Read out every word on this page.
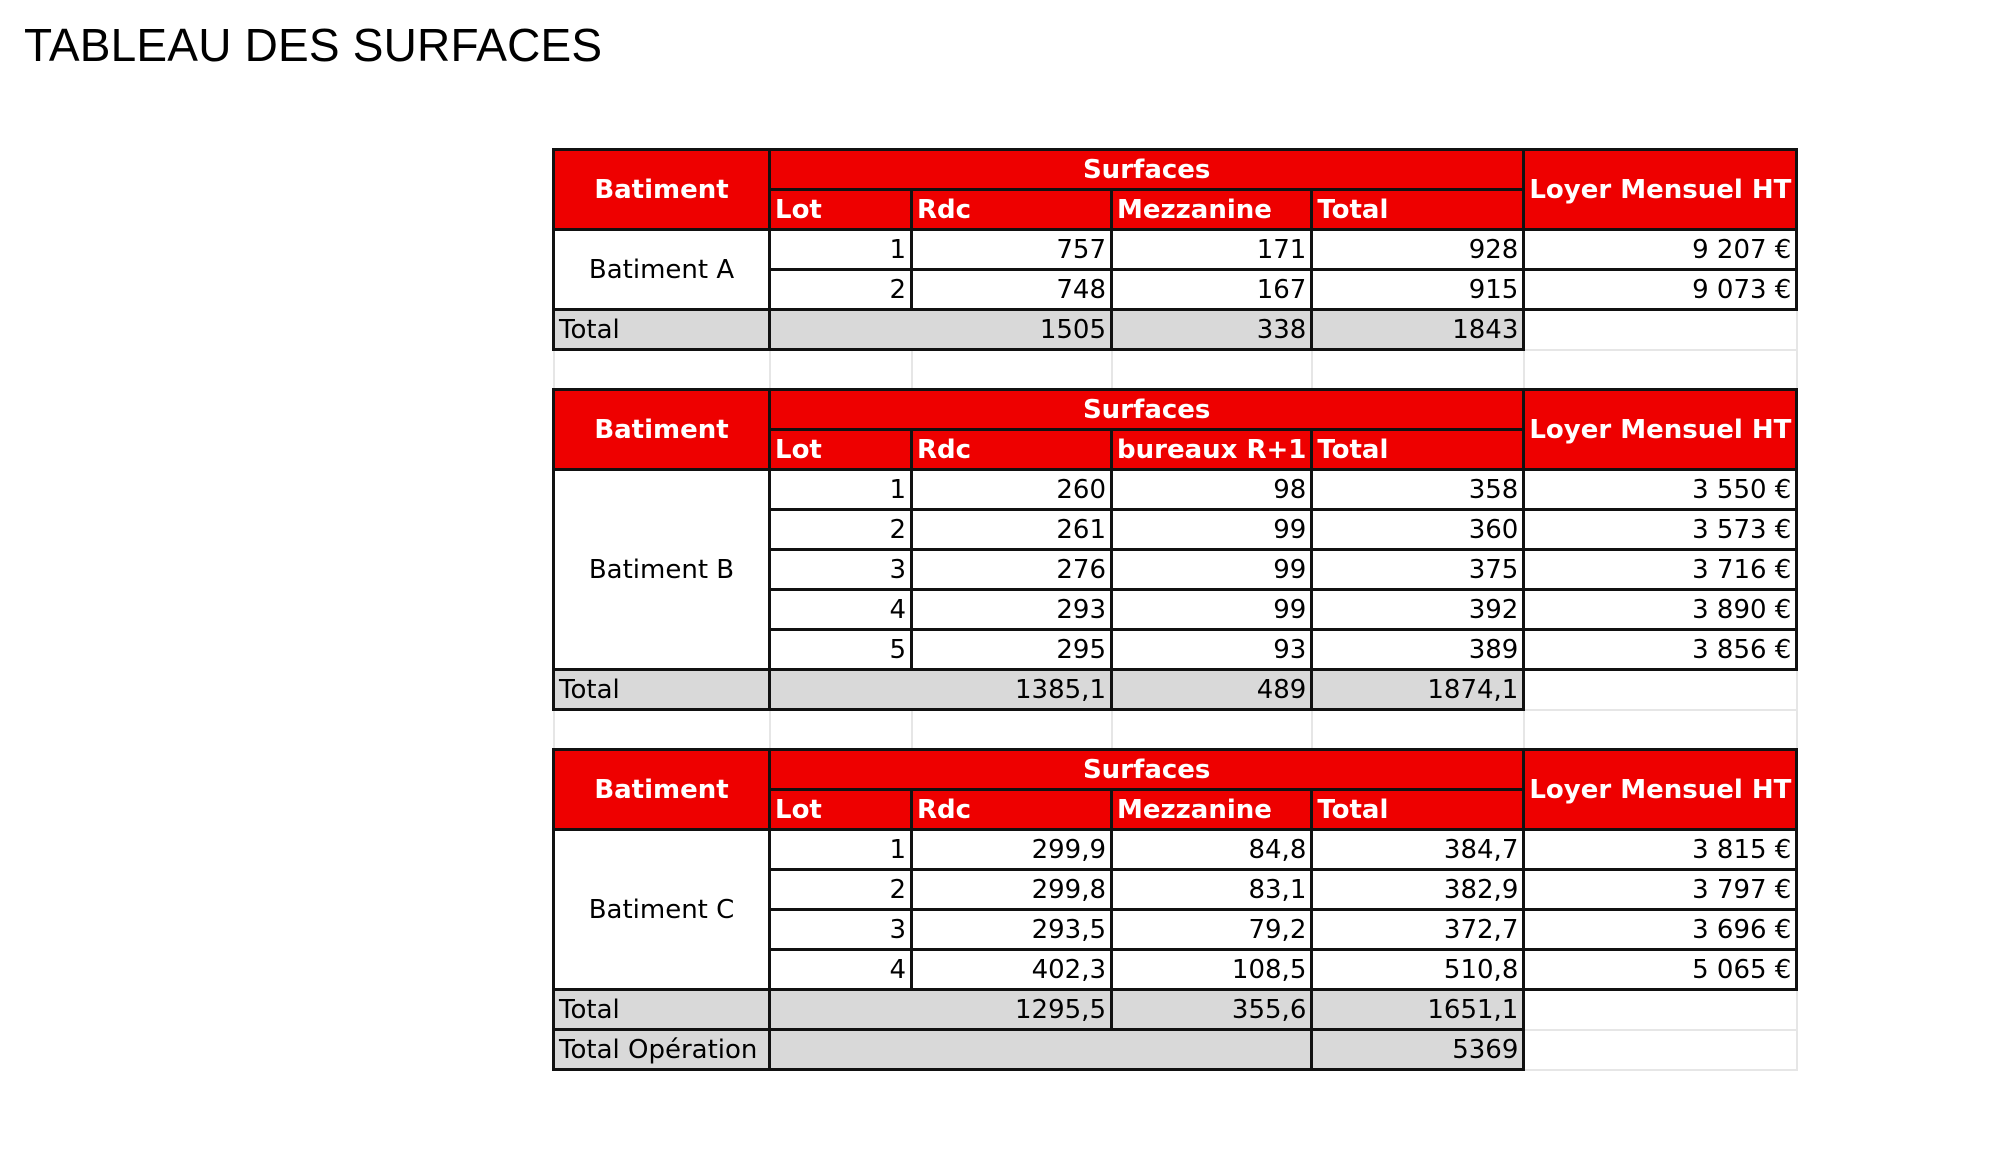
TABLEAU DES SURFACES
Batiment	Surfaces				Loyer Mensuel HT
	Lot	Rdc	Mezzanine	Total	
Batiment A	1	757	171	928	9 207 €
	2	748	167	915	9 073 €
Total	1505		338	1843	

Batiment	Surfaces				Loyer Mensuel HT
	Lot	Rdc	bureaux R+1	Total	
Batiment B	1	260	98	358	3 550 €
	2	261	99	360	3 573 €
	3	276	99	375	3 716 €
	4	293	99	392	3 890 €
	5	295	93	389	3 856 €
Total	1385,1		489	1874,1	

Batiment	Surfaces				Loyer Mensuel HT
	Lot	Rdc	Mezzanine	Total	
Batiment C	1	299,9	84,8	384,7	3 815 €
	2	299,8	83,1	382,9	3 797 €
	3	293,5	79,2	372,7	3 696 €
	4	402,3	108,5	510,8	5 065 €
Total	1295,5		355,6	1651,1	
Total Opération				5369	
